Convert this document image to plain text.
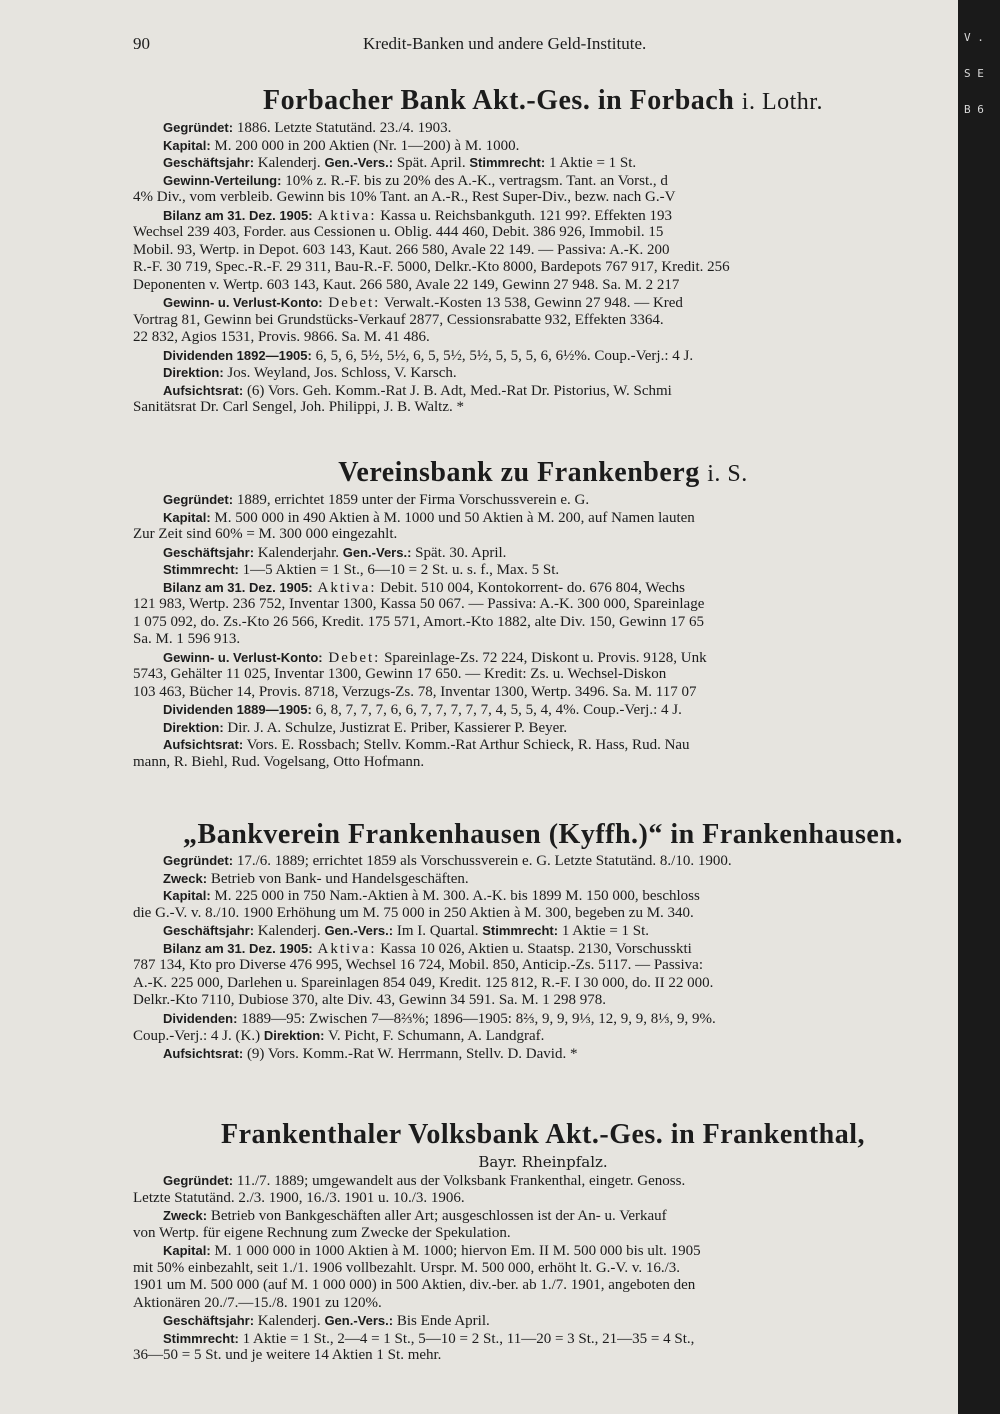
90	Kredit-Banken und andere Geld-Institute.
Forbacher Bank Akt.-Ges. in Forbach i. Lothr.
Gegründet: 1886. Letzte Statutänd. 23./4. 1903.
Kapital: M. 200 000 in 200 Aktien (Nr. 1—200) à M. 1000.
Geschäftsjahr: Kalenderj. Gen.-Vers.: Spät. April. Stimmrecht: 1 Aktie = 1 St.
Gewinn-Verteilung: 10% z. R.-F. bis zu 20% des A.-K., vertragsm. Tant. an Vorst., d
4% Div., vom verbleib. Gewinn bis 10% Tant. an A.-R., Rest Super-Div., bezw. nach G.-V
Bilanz am 31. Dez. 1905: Aktiva: Kassa u. Reichsbankguth. 121 99?. Effekten 193
Wechsel 239 403, Forder. aus Cessionen u. Oblig. 444 460, Debit. 386 926, Immobil. 15
Mobil. 93, Wertp. in Depot. 603 143, Kaut. 266 580, Avale 22 149. — Passiva: A.-K. 200
R.-F. 30 719, Spec.-R.-F. 29 311, Bau-R.-F. 5000, Delkr.-Kto 8000, Bardepots 767 917, Kredit. 256
Deponenten v. Wertp. 603 143, Kaut. 266 580, Avale 22 149, Gewinn 27 948. Sa. M. 2 217
Gewinn- u. Verlust-Konto: Debet: Verwalt.-Kosten 13 538, Gewinn 27 948. — Kred
Vortrag 81, Gewinn bei Grundstücks-Verkauf 2877, Cessionsrabatte 932, Effekten 3364.
22 832, Agios 1531, Provis. 9866. Sa. M. 41 486.
Dividenden 1892—1905: 6, 5, 6, 5½, 5½, 6, 5, 5½, 5½, 5, 5, 5, 6, 6½%. Coup.-Verj.: 4 J.
Direktion: Jos. Weyland, Jos. Schloss, V. Karsch.
Aufsichtsrat: (6) Vors. Geh. Komm.-Rat J. B. Adt, Med.-Rat Dr. Pistorius, W. Schmi
Sanitätsrat Dr. Carl Sengel, Joh. Philippi, J. B. Waltz. *
Vereinsbank zu Frankenberg i. S.
Gegründet: 1889, errichtet 1859 unter der Firma Vorschussverein e. G.
Kapital: M. 500 000 in 490 Aktien à M. 1000 und 50 Aktien à M. 200, auf Namen lauten
Zur Zeit sind 60% = M. 300 000 eingezahlt.
Geschäftsjahr: Kalenderjahr. Gen.-Vers.: Spät. 30. April.
Stimmrecht: 1—5 Aktien = 1 St., 6—10 = 2 St. u. s. f., Max. 5 St.
Bilanz am 31. Dez. 1905: Aktiva: Debit. 510 004, Kontokorrent- do. 676 804, Wechs
121 983, Wertp. 236 752, Inventar 1300, Kassa 50 067. — Passiva: A.-K. 300 000, Spareinlage
1 075 092, do. Zs.-Kto 26 566, Kredit. 175 571, Amort.-Kto 1882, alte Div. 150, Gewinn 17 65
Sa. M. 1 596 913.
Gewinn- u. Verlust-Konto: Debet: Spareinlage-Zs. 72 224, Diskont u. Provis. 9128, Unk
5743, Gehälter 11 025, Inventar 1300, Gewinn 17 650. — Kredit: Zs. u. Wechsel-Diskon
103 463, Bücher 14, Provis. 8718, Verzugs-Zs. 78, Inventar 1300, Wertp. 3496. Sa. M. 117 07
Dividenden 1889—1905: 6, 8, 7, 7, 7, 6, 6, 7, 7, 7, 7, 7, 4, 5, 5, 4, 4%. Coup.-Verj.: 4 J.
Direktion: Dir. J. A. Schulze, Justizrat E. Priber, Kassierer P. Beyer.
Aufsichtsrat: Vors. E. Rossbach; Stellv. Komm.-Rat Arthur Schieck, R. Hass, Rud. Nau
mann, R. Biehl, Rud. Vogelsang, Otto Hofmann.
„Bankverein Frankenhausen (Kyffh.)“ in Frankenhausen.
Gegründet: 17./6. 1889; errichtet 1859 als Vorschussverein e. G. Letzte Statutänd. 8./10. 1900.
Zweck: Betrieb von Bank- und Handelsgeschäften.
Kapital: M. 225 000 in 750 Nam.-Aktien à M. 300. A.-K. bis 1899 M. 150 000, beschloss
die G.-V. v. 8./10. 1900 Erhöhung um M. 75 000 in 250 Aktien à M. 300, begeben zu M. 340.
Geschäftsjahr: Kalenderj. Gen.-Vers.: Im I. Quartal. Stimmrecht: 1 Aktie = 1 St.
Bilanz am 31. Dez. 1905: Aktiva: Kassa 10 026, Aktien u. Staatsp. 2130, Vorschusskti
787 134, Kto pro Diverse 476 995, Wechsel 16 724, Mobil. 850, Anticip.-Zs. 5117. — Passiva:
A.-K. 225 000, Darlehen u. Spareinlagen 854 049, Kredit. 125 812, R.-F. I 30 000, do. II 22 000.
Delkr.-Kto 7110, Dubiose 370, alte Div. 43, Gewinn 34 591. Sa. M. 1 298 978.
Dividenden: 1889—95: Zwischen 7—8⅔%; 1896—1905: 8⅔, 9, 9, 9⅓, 12, 9, 9, 8⅓, 9, 9%.
Coup.-Verj.: 4 J. (K.) Direktion: V. Picht, F. Schumann, A. Landgraf.
Aufsichtsrat: (9) Vors. Komm.-Rat W. Herrmann, Stellv. D. David. *
Frankenthaler Volksbank Akt.-Ges. in Frankenthal,
Bayr. Rheinpfalz.
Gegründet: 11./7. 1889; umgewandelt aus der Volksbank Frankenthal, eingetr. Genoss.
Letzte Statutänd. 2./3. 1900, 16./3. 1901 u. 10./3. 1906.
Zweck: Betrieb von Bankgeschäften aller Art; ausgeschlossen ist der An- u. Verkauf
von Wertp. für eigene Rechnung zum Zwecke der Spekulation.
Kapital: M. 1 000 000 in 1000 Aktien à M. 1000; hiervon Em. II M. 500 000 bis ult. 1905
mit 50% einbezahlt, seit 1./1. 1906 vollbezahlt. Urspr. M. 500 000, erhöht lt. G.-V. v. 16./3.
1901 um M. 500 000 (auf M. 1 000 000) in 500 Aktien, div.-ber. ab 1./7. 1901, angeboten den
Aktionären 20./7.—15./8. 1901 zu 120%.
Geschäftsjahr: Kalenderj. Gen.-Vers.: Bis Ende April.
Stimmrecht: 1 Aktie = 1 St., 2—4 = 1 St., 5—10 = 2 St., 11—20 = 3 St., 21—35 = 4 St.,
36—50 = 5 St. und je weitere 14 Aktien 1 St. mehr.
V . S E B 6
